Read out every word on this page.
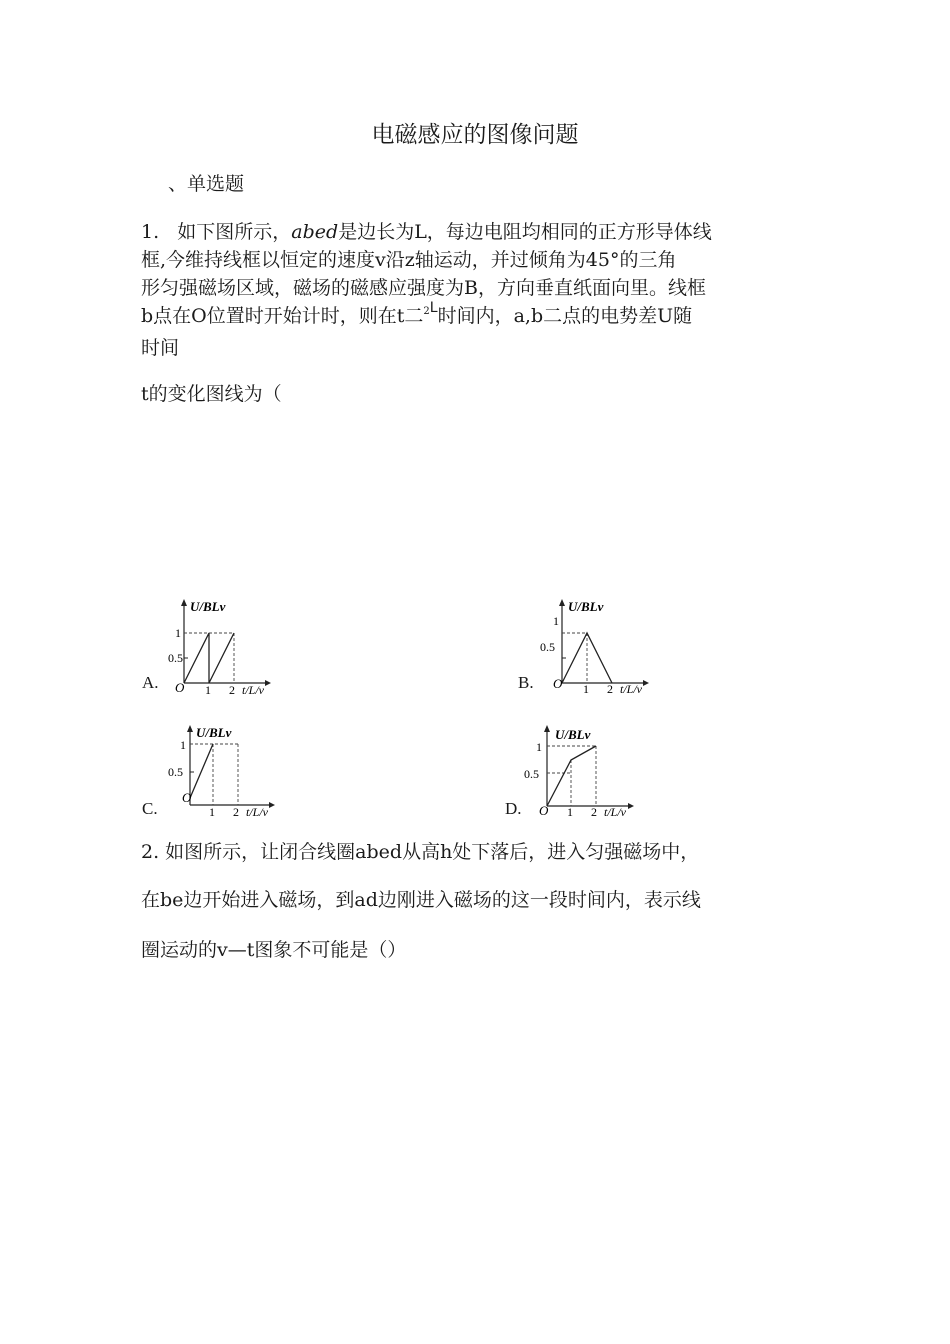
电磁感应的图像问题
、单选题
1. 如下图所示，abed是边长为L，每边电阻均相同的正方形导体线
框,今维持线框以恒定的速度v沿z轴运动，并过倾角为45°的三角
形匀强磁场区域，磁场的磁感应强度为B，方向垂直纸面向里。线框
b点在O位置时开始计时，则在t二$^{2L}$时间内，a,b二点的电势差U随
时间
t的变化图线为（
A.
U/BLv
1
0.5
O 1 2 t/L/v	B.
U/BLv
1
0.5
O 1 2 t/L/v
C.
U/BLv
1
0.5
O
1 2 t/L/v	D.
U/BLv
1
0.5
O 1 2 t/L/v
2. 如图所示，让闭合线圈abed从高h处下落后，进入匀强磁场中，
在be边开始进入磁场，到ad边刚进入磁场的这一段时间内，表示线
圈运动的v—t图象不可能是（）
